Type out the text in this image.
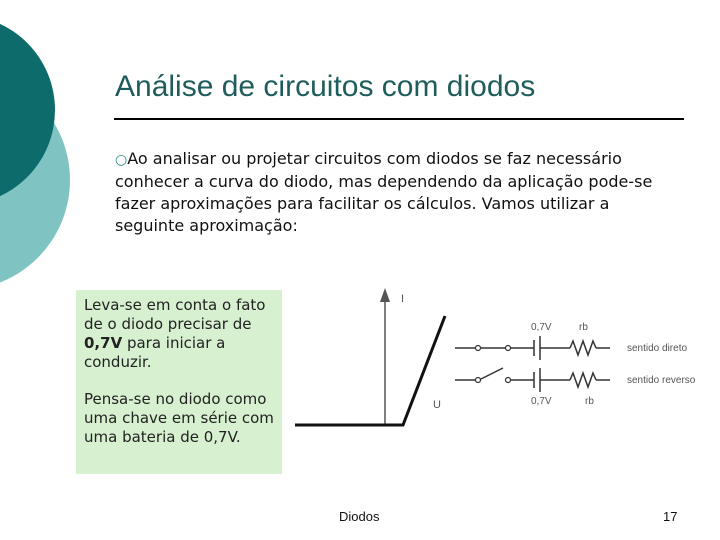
Análise de circuitos com diodos
○Ao analisar ou projetar circuitos com diodos se faz necessário conhecer a curva do diodo, mas dependendo da aplicação pode-se fazer aproximações para facilitar os cálculos. Vamos utilizar a seguinte aproximação:

Leva-se em conta o fato de o diodo precisar de 0,7V para iniciar a conduzir.

Pensa-se no diodo como uma chave em série com uma bateria de 0,7V.

I
U
0,7V	rb
sentido direto
sentido reverso
0,7V	rb
Diodos	17
